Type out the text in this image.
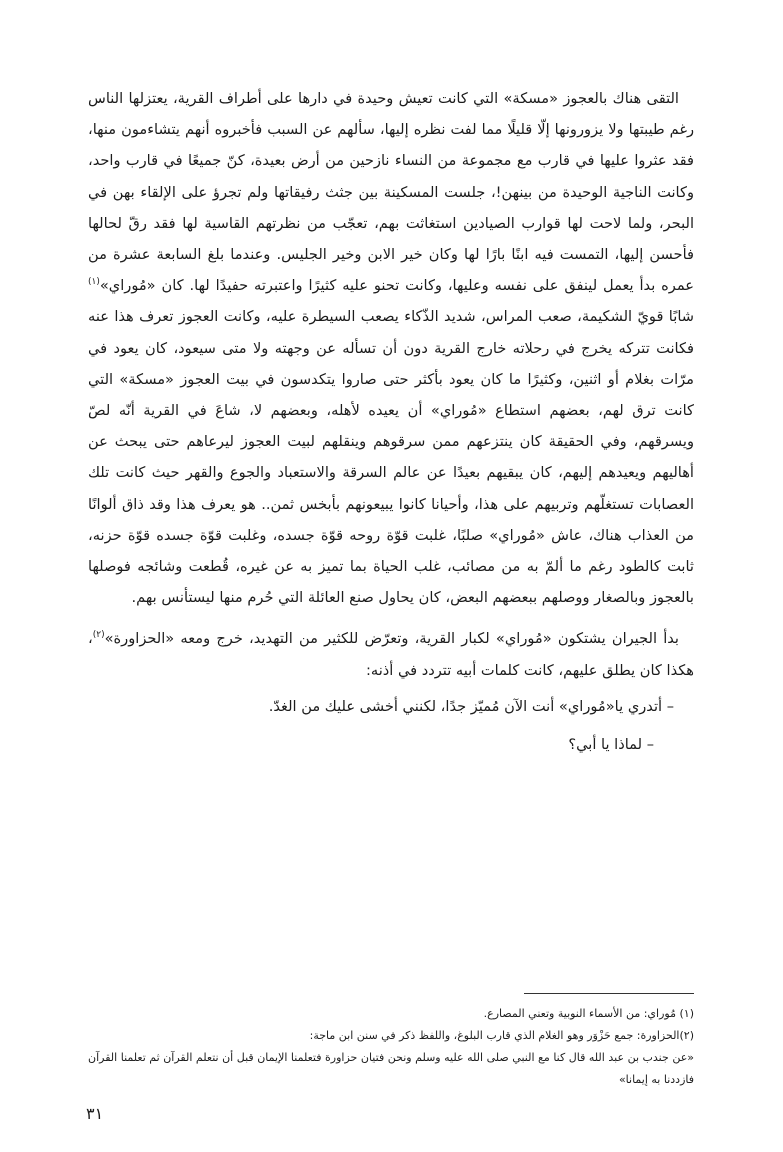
التقى هناك بالعجوز «مسكة» التي كانت تعيش وحيدة في دارها على أطراف القرية، يعتزلها الناس رغم طيبتها ولا يزورونها إلّا قليلًا مما لفت نظره إليها، سألهم عن السبب فأخبروه أنهم يتشاءمون منها، فقد عثروا عليها في قارب مع مجموعة من النساء نازحين من أرض بعيدة، كنّ جميعًا في قارب واحد، وكانت الناجية الوحيدة من بينهن!، جلست المسكينة بين جثث رفيقاتها ولم تجرؤ على الإلقاء بهن في البحر، ولما لاحت لها قوارب الصيادين استغاثت بهم، تعجّب من نظرتهم القاسية لها فقد رقّ لحالها فأحسن إليها، التمست فيه ابنًا بارًا لها وكان خير الابن وخير الجليس. وعندما بلغ السابعة عشرة من عمره بدأ يعمل لينفق على نفسه وعليها، وكانت تحنو عليه كثيرًا واعتبرته حفيدًا لها. كان «مُوراي»$^{(١)}$ شابًا قويّ الشكيمة، صعب المراس، شديد الذّكاء يصعب السيطرة عليه، وكانت العجوز تعرف هذا عنه فكانت تتركه يخرج في رحلاته خارج القرية دون أن تسأله عن وجهته ولا متى سيعود، كان يعود في مرّات بغلام أو اثنين، وكثيرًا ما كان يعود بأكثر حتى صاروا يتكدسون في بيت العجوز «مسكة» التي كانت ترق لهم، بعضهم استطاع «مُوراي» أن يعيده لأهله، وبعضهم لا، شاعَ في القرية أنّه لصّ ويسرقهم، وفي الحقيقة كان ينتزعهم ممن سرقوهم وينقلهم لبيت العجوز ليرعاهم حتى يبحث عن أهاليهم ويعيدهم إليهم، كان يبقيهم بعيدًا عن عالم السرقة والاستعباد والجوع والقهر حيث كانت تلك العصابات تستغلّهم وتربيهم على هذا، وأحيانا كانوا يبيعونهم بأبخس ثمن.. هو يعرف هذا وقد ذاق ألوانًا من العذاب هناك، عاش «مُوراي» صلبًا، غلبت قوّة روحه قوّة جسده، وغلبت قوّة جسده قوّة حزنه، ثابت كالطود رغم ما ألمّ به من مصائب، غلب الحياة بما تميز به عن غيره، قُطعت وشائجه فوصلها بالعجوز وبالصغار ووصلهم ببعضهم البعض، كان يحاول صنع العائلة التي حُرم منها ليستأنس بهم.

بدأ الجيران يشتكون «مُوراي» لكبار القرية، وتعرّض للكثير من التهديد، خرج ومعه «الحزاورة»$^{(٢)}$، هكذا كان يطلق عليهم، كانت كلمات أبيه تتردد في أذنه:

– أتدري يا«مُوراي» أنت الآن مُميّز جدًا، لكنني أخشى عليك من الغدّ.

– لماذا يا أبي؟

(١) مُوراي: من الأسماء النوبية وتعني المصارع.

(٢)الحزاورة: جمع حَزْوَر وهو الغلام الذي قارب البلوغ، واللفظ ذكر في سنن ابن ماجة:

«عن جندب بن عبد الله قال كنا مع النبي صلى الله عليه وسلم ونحن فتيان حزاورة فتعلمنا الإيمان قبل أن نتعلم القرآن ثم تعلمنا القرآن فازددنا به إيمانا»

٣١
